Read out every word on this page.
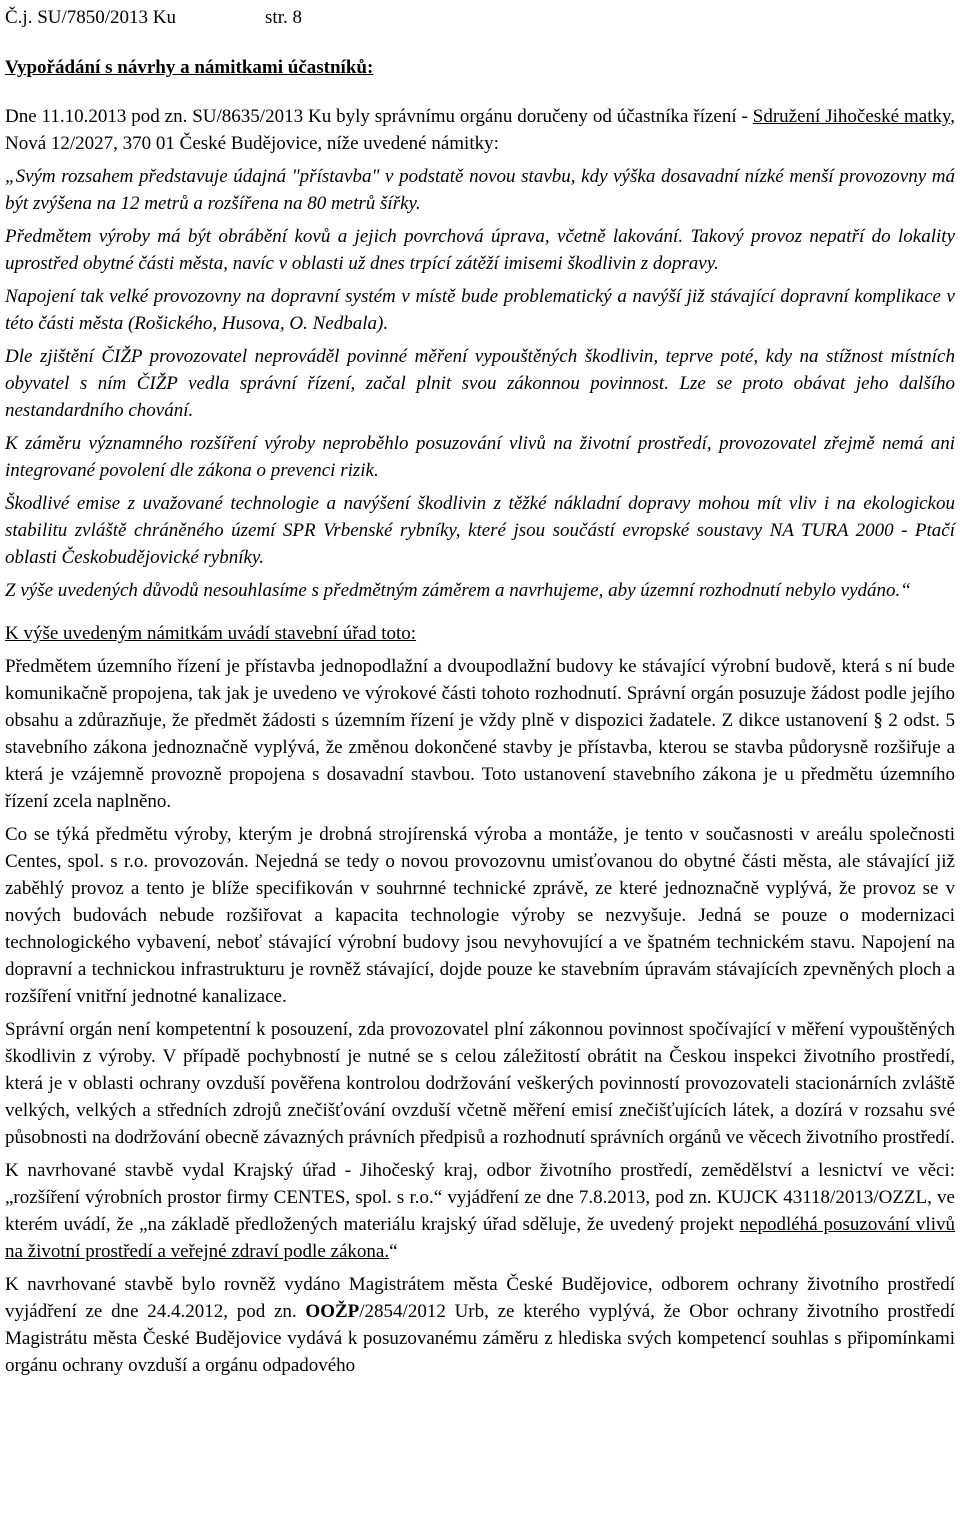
Č.j. SU/7850/2013 Ku	str. 8
Vypořádání s návrhy a námitkami účastníků:

Dne 11.10.2013 pod zn. SU/8635/2013 Ku byly správnímu orgánu doručeny od účastníka řízení - Sdružení Jihočeské matky, Nová 12/2027, 370 01 České Budějovice, níže uvedené námitky:

„Svým rozsahem představuje údajná "přístavba" v podstatě novou stavbu, kdy výška dosavadní nízké menší provozovny má být zvýšena na 12 metrů a rozšířena na 80 metrů šířky.

Předmětem výroby má být obrábění kovů a jejich povrchová úprava, včetně lakování. Takový provoz nepatří do lokality uprostřed obytné části města, navíc v oblasti už dnes trpící zátěží imisemi škodlivin z dopravy.

Napojení tak velké provozovny na dopravní systém v místě bude problematický a navýší již stávající dopravní komplikace v této části města (Rošického, Husova, O. Nedbala).

Dle zjištění ČIŽP provozovatel neprováděl povinné měření vypouštěných škodlivin, teprve poté, kdy na stížnost místních obyvatel s ním ČIŽP vedla správní řízení, začal plnit svou zákonnou povinnost. Lze se proto obávat jeho dalšího nestandardního chování.

K záměru významného rozšíření výroby neproběhlo posuzování vlivů na životní prostředí, provozovatel zřejmě nemá ani integrované povolení dle zákona o prevenci rizik.

Škodlivé emise z uvažované technologie a navýšení škodlivin z těžké nákladní dopravy mohou mít vliv i na ekologickou stabilitu zvláště chráněného území SPR Vrbenské rybníky, které jsou součástí evropské soustavy NA TURA 2000 - Ptačí oblasti Českobudějovické rybníky.

Z výše uvedených důvodů nesouhlasíme s předmětným záměrem a navrhujeme, aby územní rozhodnutí nebylo vydáno.“

K výše uvedeným námitkám uvádí stavební úřad toto:

Předmětem územního řízení je přístavba jednopodlažní a dvoupodlažní budovy ke stávající výrobní budově, která s ní bude komunikačně propojena, tak jak je uvedeno ve výrokové části tohoto rozhodnutí. Správní orgán posuzuje žádost podle jejího obsahu a zdůrazňuje, že předmět žádosti s územním řízení je vždy plně v dispozici žadatele. Z dikce ustanovení § 2 odst. 5 stavebního zákona jednoznačně vyplývá, že změnou dokončené stavby je přístavba, kterou se stavba půdorysně rozšiřuje a která je vzájemně provozně propojena s dosavadní stavbou. Toto ustanovení stavebního zákona je u předmětu územního řízení zcela naplněno.

Co se týká předmětu výroby, kterým je drobná strojírenská výroba a montáže, je tento v současnosti v areálu společnosti Centes, spol. s r.o. provozován. Nejedná se tedy o novou provozovnu umisťovanou do obytné části města, ale stávající již zaběhlý provoz a tento je blíže specifikován v souhrnné technické zprávě, ze které jednoznačně vyplývá, že provoz se v nových budovách nebude rozšiřovat a kapacita technologie výroby se nezvyšuje. Jedná se pouze o modernizaci technologického vybavení, neboť stávající výrobní budovy jsou nevyhovující a ve špatném technickém stavu. Napojení na dopravní a technickou infrastrukturu je rovněž stávající, dojde pouze ke stavebním úpravám stávajících zpevněných ploch a rozšíření vnitřní jednotné kanalizace.

Správní orgán není kompetentní k posouzení, zda provozovatel plní zákonnou povinnost spočívající v měření vypouštěných škodlivin z výroby. V případě pochybností je nutné se s celou záležitostí obrátit na Českou inspekci životního prostředí, která je v oblasti ochrany ovzduší pověřena kontrolou dodržování veškerých povinností provozovateli stacionárních zvláště velkých, velkých a středních zdrojů znečišťování ovzduší včetně měření emisí znečišťujících látek, a dozírá v rozsahu své působnosti na dodržování obecně závazných právních předpisů a rozhodnutí správních orgánů ve věcech životního prostředí.

K navrhované stavbě vydal Krajský úřad - Jihočeský kraj, odbor životního prostředí, zemědělství a lesnictví ve věci: „rozšíření výrobních prostor firmy CENTES, spol. s r.o.“ vyjádření ze dne 7.8.2013, pod zn. KUJCK 43118/2013/OZZL, ve kterém uvádí, že „na základě předložených materiálu krajský úřad sděluje, že uvedený projekt nepodléhá posuzování vlivů na životní prostředí a veřejné zdraví podle zákona.“

K navrhované stavbě bylo rovněž vydáno Magistrátem města České Budějovice, odborem ochrany životního prostředí vyjádření ze dne 24.4.2012, pod zn. OOŽP/2854/2012 Urb, ze kterého vyplývá, že Obor ochrany životního prostředí Magistrátu města České Budějovice vydává k posuzovanému záměru z hlediska svých kompetencí souhlas s připomínkami orgánu ochrany ovzduší a orgánu odpadového
